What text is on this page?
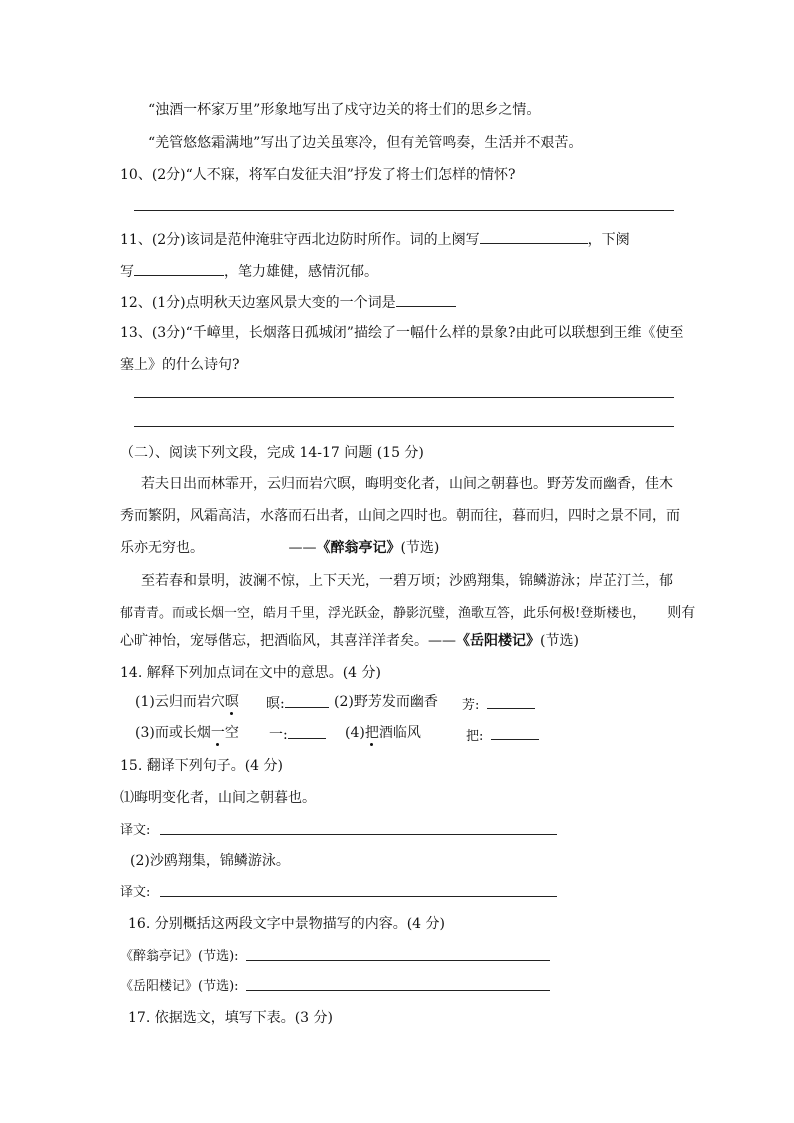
“浊酒一杯家万里”形象地写出了戍守边关的将士们的思乡之情。
“羌管悠悠霜满地”写出了边关虽寒冷，但有羌管鸣奏，生活并不艰苦。
10、(2分)“人不寐，将军白发征夫泪”抒发了将士们怎样的情怀?
11、(2分)该词是范仲淹驻守西北边防时所作。词的上阕写	，下阕
写	，笔力雄健，感情沉郁。
12、(1分)点明秋天边塞风景大变的一个词是
13、(3分)“千嶂里，长烟落日孤城闭”描绘了一幅什么样的景象?由此可以联想到王维《使至
塞上》的什么诗句?
（二）、阅读下列文段，完成 14-17 问题 (15 分)
若夫日出而林霏开，云归而岩穴暝，晦明变化者，山间之朝暮也。野芳发而幽香，佳木
秀而繁阴，风霜高洁，水落而石出者，山间之四时也。朝而往，暮而归，四时之景不同，而
乐亦无穷也。	——《醉翁亭记》(节选)
至若春和景明，波澜不惊，上下天光，一碧万顷；沙鸥翔集，锦鳞游泳；岸芷汀兰，郁
郁青青。而或长烟一空，皓月千里，浮光跃金，静影沉璧，渔歌互答，此乐何极!登斯楼也， 则有
心旷神怡，宠辱偕忘，把酒临风，其喜洋洋者矣。——《岳阳楼记》(节选)
14. 解释下列加点词在文中的意思。(4 分)
(1)云归而岩穴暝 暝:	(2)野芳发而幽香 芳:
(3)而或长烟一空 一:	(4)把酒临风	把:
15. 翻译下列句子。(4 分)
⑴晦明变化者，山间之朝暮也。
译文:
(2)沙鸥翔集，锦鳞游泳。
译文:
16. 分别概括这两段文字中景物描写的内容。(4 分)
《醉翁亭记》(节选):
《岳阳楼记》(节选):
17. 依据选文，填写下表。(3 分)
